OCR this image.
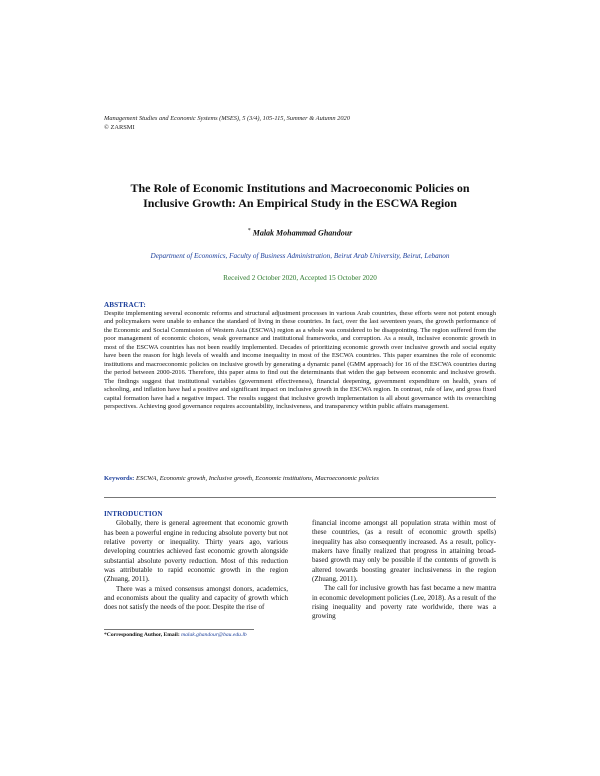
Management Studies and Economic Systems (MSES), 5 (3/4), 105-115, Summer & Autumn 2020
© ZARSMI
The Role of Economic Institutions and Macroeconomic Policies on
Inclusive Growth: An Empirical Study in the ESCWA Region
* Malak Mohammad Ghandour
Department of Economics, Faculty of Business Administration, Beirut Arab University, Beirut, Lebanon
Received 2 October 2020, Accepted 15 October 2020
ABSTRACT:
Despite implementing several economic reforms and structural adjustment processes in various Arab countries, these efforts were not potent enough and policymakers were unable to enhance the standard of living in these countries. In fact, over the last seventeen years, the growth performance of the Economic and Social Commission of Western Asia (ESCWA) region as a whole was considered to be disappointing. The region suffered from the poor management of economic choices, weak governance and institutional frameworks, and corruption. As a result, inclusive economic growth in most of the ESCWA countries has not been readily implemented. Decades of prioritizing economic growth over inclusive growth and social equity have been the reason for high levels of wealth and income inequality in most of the ESCWA countries. This paper examines the role of economic institutions and macroeconomic policies on inclusive growth by generating a dynamic panel (GMM approach) for 16 of the ESCWA countries during the period between 2000-2016. Therefore, this paper aims to find out the determinants that widen the gap between economic and inclusive growth. The findings suggest that institutional variables (government effectiveness), financial deepening, government expenditure on health, years of schooling, and inflation have had a positive and significant impact on inclusive growth in the ESCWA region. In contrast, rule of law, and gross fixed capital formation have had a negative impact. The results suggest that inclusive growth implementation is all about governance with its overarching perspectives. Achieving good governance requires accountability, inclusiveness, and transparency within public affairs management.
Keywords: ESCWA, Economic growth, Inclusive growth, Economic institutions, Macroeconomic policies
INTRODUCTION

Globally, there is general agreement that economic growth has been a powerful engine in reducing absolute poverty but not relative poverty or inequality. Thirty years ago, various developing countries achieved fast economic growth alongside substantial absolute poverty reduction. Most of this reduction was attributable to rapid economic growth in the region (Zhuang, 2011).

There was a mixed consensus amongst donors, academics, and economists about the quality and capacity of growth which does not satisfy the needs of the poor. Despite the rise of

financial income amongst all population strata within most of these countries, (as a result of economic growth spells) inequality has also consequently increased. As a result, policy-makers have finally realized that progress in attaining broad-based growth may only be possible if the contents of growth is altered towards boosting greater inclusiveness in the region (Zhuang, 2011).

The call for inclusive growth has fast became a new mantra in economic development policies (Lee, 2018). As a result of the rising inequality and poverty rate worldwide, there was a growing

*Corresponding Author, Email: malak.ghandour@bau.edu.lb
